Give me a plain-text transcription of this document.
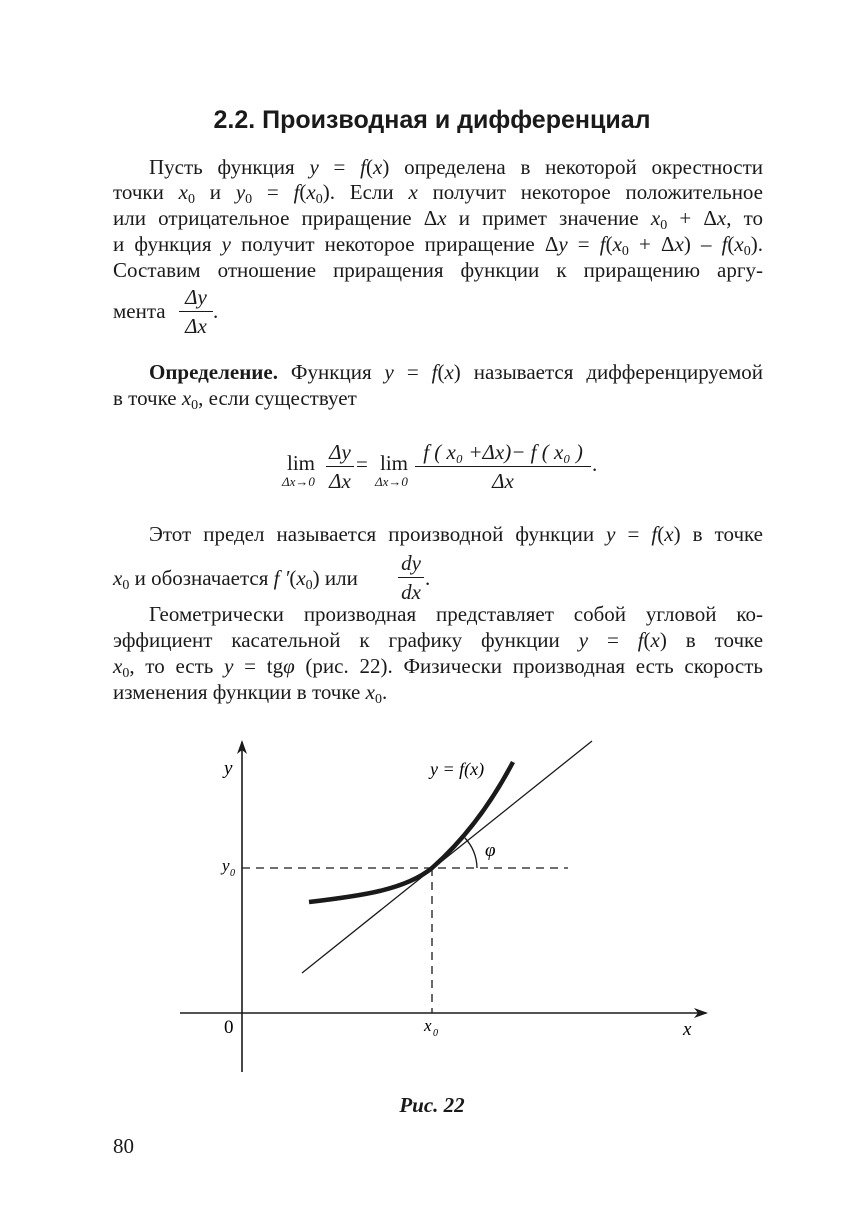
2.2. Производная и дифференциал
Пусть функция y = f(x) определена в некоторой окрестности
точки $x_0$ и $y_0 = f(x_0)$. Если x получит некоторое положительное
или отрицательное приращение Δx и примет значение $x_0 + \Delta x$, то
и функция y получит некоторое приращение $\Delta y = f(x_0 + \Delta x) - f(x_0)$.
Составим отношение приращения функции к приращению аргу-
мента
Δy
Δx
.
Определение. Функция y = f(x) называется дифференцируемой
в точке $x_0$, если существует
lim
Δx→0
Δy
Δx
= lim
Δx→0
f ( x₀ +Δx)− f ( x₀ )
Δx
.
Этот предел называется производной функции y = f(x) в точке
$x_0$ и обозначается f $'(x_0)$ или
dy
dx
.
Геометрически производная представляет собой угловой ко-
эффициент касательной к графику функции y = f(x) в точке
$x_0$, то есть y = tgφ (рис. 22). Физически производная есть скорость
изменения функции в точке $x_0$.
y
x
0
y 0
x 0
y = f(x)
φ
Рис. 22
80
